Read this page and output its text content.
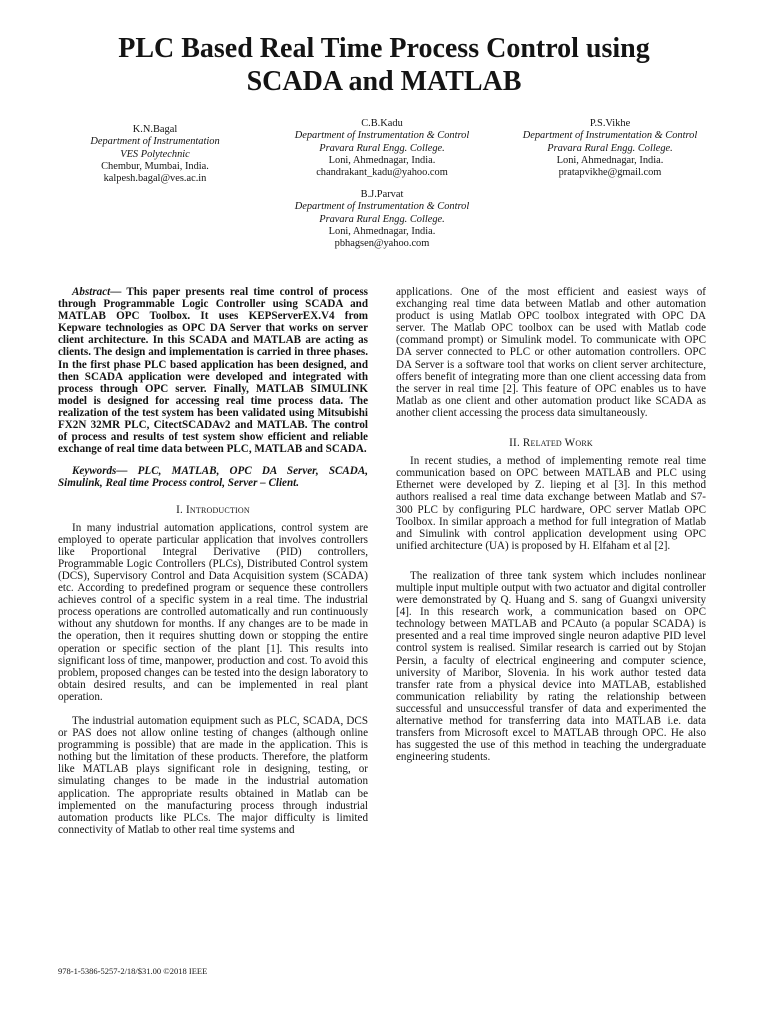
PLC Based Real Time Process Control using
SCADA and MATLAB
K.N.Bagal
Department of Instrumentation
VES Polytechnic
Chembur, Mumbai, India.
kalpesh.bagal@ves.ac.in
C.B.Kadu
Department of Instrumentation & Control
Pravara Rural Engg. College.
Loni, Ahmednagar, India.
chandrakant_kadu@yahoo.com
P.S.Vikhe
Department of Instrumentation & Control
Pravara Rural Engg. College.
Loni, Ahmednagar, India.
pratapvikhe@gmail.com
B.J.Parvat
Department of Instrumentation & Control
Pravara Rural Engg. College.
Loni, Ahmednagar, India.
pbhagsen@yahoo.com

Abstract— This paper presents real time control of process through Programmable Logic Controller using SCADA and MATLAB OPC Toolbox. It uses KEPServerEX.V4 from Kepware technologies as OPC DA Server that works on server client architecture. In this SCADA and MATLAB are acting as clients. The design and implementation is carried in three phases. In the first phase PLC based application has been designed, and then SCADA application were developed and integrated with process through OPC server. Finally, MATLAB SIMULINK model is designed for accessing real time process data. The realization of the test system has been validated using Mitsubishi FX2N 32MR PLC, CitectSCADAv2 and MATLAB. The control of process and results of test system show efficient and reliable exchange of real time data between PLC, MATLAB and SCADA.

Keywords— PLC, MATLAB, OPC DA Server, SCADA, Simulink, Real time Process control, Server – Client.

I. Introduction

In many industrial automation applications, control system are employed to operate particular application that involves controllers like Proportional Integral Derivative (PID) controllers, Programmable Logic Controllers (PLCs), Distributed Control system (DCS), Supervisory Control and Data Acquisition system (SCADA) etc. According to predefined program or sequence these controllers achieves control of a specific system in a real time. The industrial process operations are controlled automatically and run continuously without any shutdown for months. If any changes are to be made in the operation, then it requires shutting down or stopping the entire operation or specific section of the plant [1]. This results into significant loss of time, manpower, production and cost. To avoid this problem, proposed changes can be tested into the design laboratory to obtain desired results, and can be implemented in real plant operation.

The industrial automation equipment such as PLC, SCADA, DCS or PAS does not allow online testing of changes (although online programming is possible) that are made in the application. This is nothing but the limitation of these products. Therefore, the platform like MATLAB plays significant role in designing, testing, or simulating changes to be made in the industrial automation application. The appropriate results obtained in Matlab can be implemented on the manufacturing process through industrial automation products like PLCs. The major difficulty is limited connectivity of Matlab to other real time systems and

applications. One of the most efficient and easiest ways of exchanging real time data between Matlab and other automation product is using Matlab OPC toolbox integrated with OPC DA server. The Matlab OPC toolbox can be used with Matlab code (command prompt) or Simulink model. To communicate with OPC DA server connected to PLC or other automation controllers. OPC DA Server is a software tool that works on client server architecture, offers benefit of integrating more than one client accessing data from the server in real time [2]. This feature of OPC enables us to have Matlab as one client and other automation product like SCADA as another client accessing the process data simultaneously.

II. Related Work

In recent studies, a method of implementing remote real time communication based on OPC between MATLAB and PLC using Ethernet were developed by Z. lieping et al [3]. In this method authors realised a real time data exchange between Matlab and S7-300 PLC by configuring PLC hardware, OPC server Matlab OPC Toolbox. In similar approach a method for full integration of Matlab and Simulink with control application development using OPC unified architecture (UA) is proposed by H. Elfaham et al [2].

The realization of three tank system which includes nonlinear multiple input multiple output with two actuator and digital controller were demonstrated by Q. Huang and S. sang of Guangxi university [4]. In this research work, a communication based on OPC technology between MATLAB and PCAuto (a popular SCADA) is presented and a real time improved single neuron adaptive PID level control system is realised. Similar research is carried out by Stojan Persin, a faculty of electrical engineering and computer science, university of Maribor, Slovenia. In his work author tested data transfer rate from a physical device into MATLAB, established communication reliability by rating the relationship between successful and unsuccessful transfer of data and experimented the alternative method for transferring data into MATLAB i.e. data transfers from Microsoft excel to MATLAB through OPC. He also has suggested the use of this method in teaching the undergraduate engineering students.

978-1-5386-5257-2/18/$31.00 ©2018 IEEE
